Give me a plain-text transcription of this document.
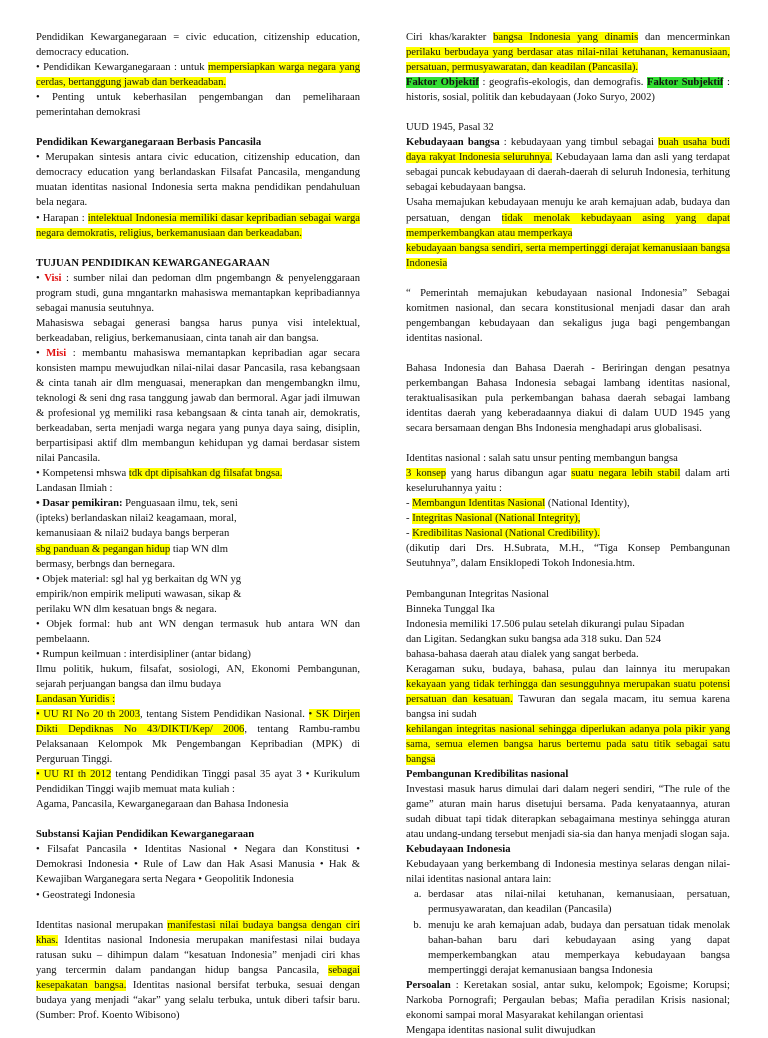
Pendidikan Kewarganegaraan = civic education, citizenship education, democracy education.

• Pendidikan Kewarganegaraan : untuk mempersiapkan warga negara yang cerdas, bertanggung jawab dan berkeadaban.

• Penting untuk keberhasilan pengembangan dan pemeliharaan pemerintahan demokrasi

Pendidikan Kewarganegaraan Berbasis Pancasila

• Merupakan sintesis antara civic education, citizenship education, dan democracy education yang berlandaskan Filsafat Pancasila, mengandung muatan identitas nasional Indonesia serta makna pendidikan pendahuluan bela negara.

• Harapan : intelektual Indonesia memiliki dasar kepribadian sebagai warga negara demokratis, religius, berkemanusiaan dan berkeadaban.

TUJUAN PENDIDIKAN KEWARGANEGARAAN

• Visi : sumber nilai dan pedoman dlm pngembangn & penyelenggaraan program studi, guna mngantarkn mahasiswa memantapkan kepribadiannya sebagai manusia seutuhnya.

Mahasiswa sebagai generasi bangsa harus punya visi intelektual, berkeadaban, religius, berkemanusiaan, cinta tanah air dan bangsa.

• Misi : membantu mahasiswa memantapkan kepribadian agar secara konsisten mampu mewujudkan nilai-nilai dasar Pancasila, rasa kebangsaan & cinta tanah air dlm menguasai, menerapkan dan mengembangkn ilmu, teknologi & seni dng rasa tanggung jawab dan bermoral. Agar jadi ilmuwan & profesional yg memiliki rasa kebangsaan & cinta tanah air, demokratis, berkeadaban, serta menjadi warga negara yang punya daya saing, disiplin, berpartisipasi aktif dlm membangun kehidupan yg damai berdasar sistem nilai Pancasila.

• Kompetensi mhswa tdk dpt dipisahkan dg filsafat bngsa.

Landasan Ilmiah :

• Dasar pemikiran: Penguasaan ilmu, tek, seni

(ipteks) berlandaskan nilai2 keagamaan, moral,

kemanusiaan & nilai2 budaya bangs berperan

sbg panduan & pegangan hidup tiap WN dlm

bermasy, berbngs dan bernegara.

• Objek material: sgl hal yg berkaitan dg WN yg

empirik/non empirik meliputi wawasan, sikap &

perilaku WN dlm kesatuan bngs & negara.

• Objek formal: hub ant WN dengan termasuk hub antara WN dan pembelaann.

• Rumpun keilmuan : interdisipliner (antar bidang)

Ilmu politik, hukum, filsafat, sosiologi, AN, Ekonomi Pembangunan, sejarah perjuangan bangsa dan ilmu budaya

Landasan Yuridis :

• UU RI No 20 th 2003, tentang Sistem Pendidikan Nasional. • SK Dirjen Dikti Depdiknas No 43/DIKTI/Kep/ 2006, tentang Rambu-rambu Pelaksanaan Kelompok Mk Pengembangan Kepribadian (MPK) di Perguruan Tinggi.

• UU RI th 2012 tentang Pendidikan Tinggi pasal 35 ayat 3 • Kurikulum Pendidikan Tinggi wajib memuat mata kuliah :

Agama, Pancasila, Kewarganegaraan dan Bahasa Indonesia

Substansi Kajian Pendidikan Kewarganegaraan

• Filsafat Pancasila • Identitas Nasional • Negara dan Konstitusi • Demokrasi Indonesia • Rule of Law dan Hak Asasi Manusia • Hak & Kewajiban Warganegara serta Negara • Geopolitik Indonesia

• Geostrategi Indonesia

Identitas nasional merupakan manifestasi nilai budaya bangsa dengan ciri khas. Identitas nasional Indonesia merupakan manifestasi nilai budaya ratusan suku – dihimpun dalam “kesatuan Indonesia” menjadi ciri khas yang tercermin dalam pandangan hidup bangsa Pancasila, sebagai kesepakatan bangsa. Identitas nasional bersifat terbuka, sesuai dengan budaya yang menjadi “akar” yang selalu terbuka, untuk diberi tafsir baru. (Sumber: Prof. Koento Wibisono)

Ciri khas/karakter bangsa Indonesia yang dinamis dan mencerminkan perilaku berbudaya yang berdasar atas nilai-nilai ketuhanan, kemanusiaan, persatuan, permusyawaratan, dan keadilan (Pancasila).

Faktor Objektif : geografis-ekologis, dan demografis. Faktor Subjektif : historis, sosial, politik dan kebudayaan (Joko Suryo, 2002)

UUD 1945, Pasal 32

Kebudayaan bangsa : kebudayaan yang timbul sebagai buah usaha budi daya rakyat Indonesia seluruhnya. Kebudayaan lama dan asli yang terdapat sebagai puncak kebudayaan di daerah-daerah di seluruh Indonesia, terhitung sebagai kebudayaan bangsa.

Usaha memajukan kebudayaan menuju ke arah kemajuan adab, budaya dan persatuan, dengan tidak menolak kebudayaan asing yang dapat memperkembangkan atau memperkaya

kebudayaan bangsa sendiri, serta mempertinggi derajat kemanusiaan bangsa Indonesia

“ Pemerintah memajukan kebudayaan nasional Indonesia” Sebagai komitmen nasional, dan secara konstitusional menjadi dasar dan arah pengembangan kebudayaan dan sekaligus juga bagi pengembangan identitas nasional.

Bahasa Indonesia dan Bahasa Daerah - Beriringan dengan pesatnya perkembangan Bahasa Indonesia sebagai lambang identitas nasional, teraktualisasikan pula perkembangan bahasa daerah sebagai lambang identitas daerah yang keberadaannya diakui di dalam UUD 1945 yang secara bersamaan dengan Bhs Indonesia menghadapi arus globalisasi.

Identitas nasional : salah satu unsur penting membangun bangsa

3 konsep yang harus dibangun agar suatu negara lebih stabil dalam arti keseluruhannya yaitu :

- Membangun Identitas Nasional (National Identity),

- Integritas Nasional (National Integrity),

- Kredibilitas Nasional (National Credibility).

(dikutip dari Drs. H.Subrata, M.H., “Tiga Konsep Pembangunan Seutuhnya”, dalam Ensiklopedi Tokoh Indonesia.htm.

Pembangunan Integritas Nasional

Binneka Tunggal Ika

Indonesia memiliki 17.506 pulau setelah dikurangi pulau Sipadan

dan Ligitan. Sedangkan suku bangsa ada 318 suku. Dan 524

bahasa-bahasa daerah atau dialek yang sangat berbeda.

Keragaman suku, budaya, bahasa, pulau dan lainnya itu merupakan kekayaan yang tidak terhingga dan sesungguhnya merupakan suatu potensi persatuan dan kesatuan. Tawuran dan segala macam, itu semua karena bangsa ini sudah

kehilangan integritas nasional sehingga diperlukan adanya pola pikir yang sama, semua elemen bangsa harus bertemu pada satu titik sebagai satu bangsa

Pembangunan Kredibilitas nasional

Investasi masuk harus dimulai dari dalam negeri sendiri, “The rule of the game” aturan main harus disetujui bersama. Pada kenyataannya, aturan sudah dibuat tapi tidak diterapkan sebagaimana mestinya sehingga aturan atau undang-undang tersebut menjadi sia-sia dan hanya menjadi slogan saja.

Kebudayaan Indonesia

Kebudayaan yang berkembang di Indonesia mestinya selaras dengan nilai-nilai identitas nasional antara lain:

a. berdasar atas nilai-nilai ketuhanan, kemanusiaan, persatuan, permusyawaratan, dan keadilan (Pancasila)
b. menuju ke arah kemajuan adab, budaya dan persatuan tidak menolak bahan-bahan baru dari kebudayaan asing yang dapat memperkembangkan atau memperkaya kebudayaan bangsa mempertinggi derajat kemanusiaan bangsa Indonesia

Persoalan : Keretakan sosial, antar suku, kelompok; Egoisme; Korupsi; Narkoba Pornografi; Pergaulan bebas; Mafia peradilan Krisis nasional; ekonomi sampai moral Masyarakat kehilangan orientasi

Mengapa identitas nasional sulit diwujudkan
